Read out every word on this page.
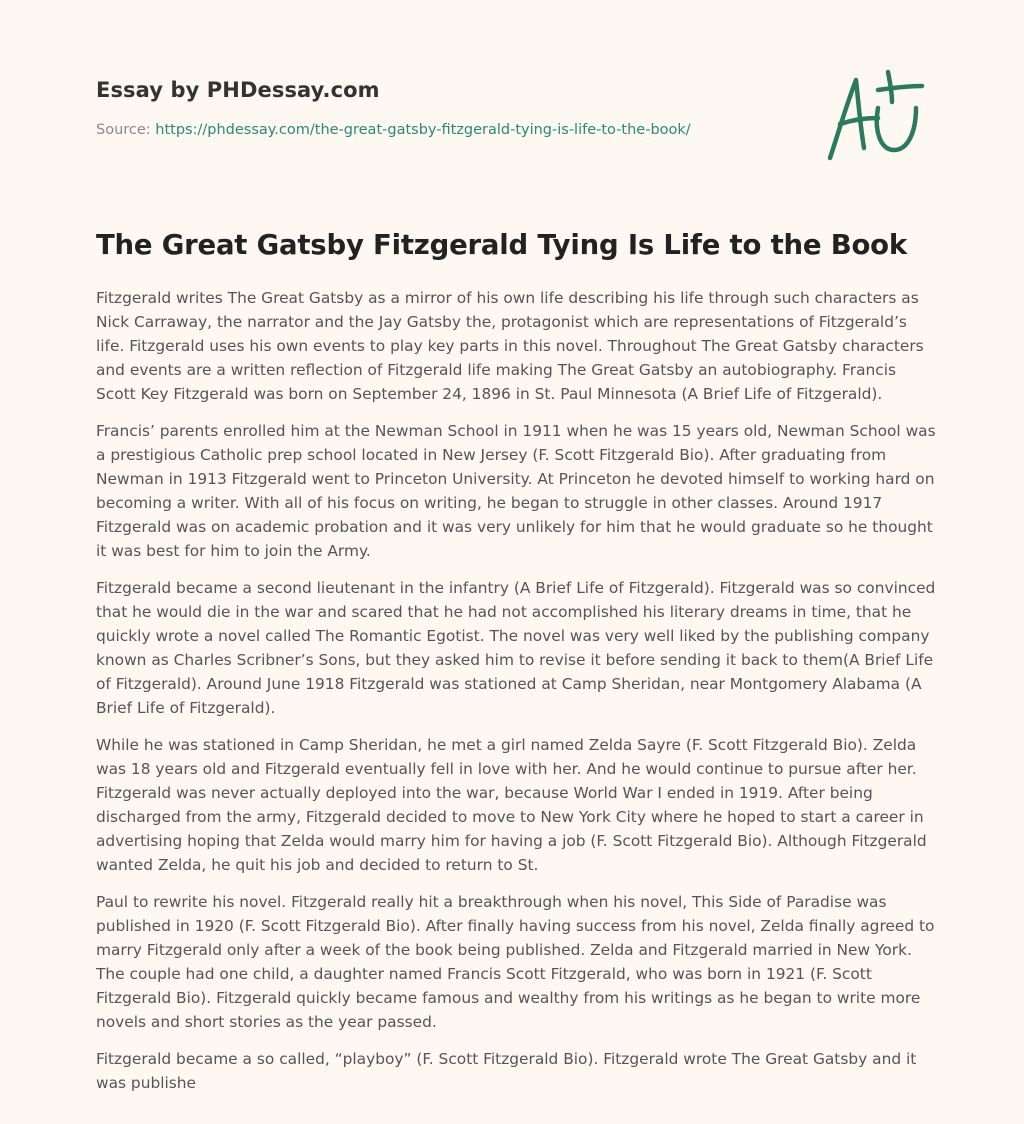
Essay by PHDessay.com
Source: https://phdessay.com/the-great-gatsby-fitzgerald-tying-is-life-to-the-book/
The Great Gatsby Fitzgerald Tying Is Life to the Book

Fitzgerald writes The Great Gatsby as a mirror of his own life describing his life through such characters as Nick Carraway, the narrator and the Jay Gatsby the, protagonist which are representations of Fitzgerald’s life. Fitzgerald uses his own events to play key parts in this novel. Throughout The Great Gatsby characters and events are a written reflection of Fitzgerald life making The Great Gatsby an autobiography. Francis Scott Key Fitzgerald was born on September 24, 1896 in St. Paul Minnesota (A Brief Life of Fitzgerald).

Francis’ parents enrolled him at the Newman School in 1911 when he was 15 years old, Newman School was a prestigious Catholic prep school located in New Jersey (F. Scott Fitzgerald Bio). After graduating from Newman in 1913 Fitzgerald went to Princeton University. At Princeton he devoted himself to working hard on becoming a writer. With all of his focus on writing, he began to struggle in other classes. Around 1917 Fitzgerald was on academic probation and it was very unlikely for him that he would graduate so he thought it was best for him to join the Army.

Fitzgerald became a second lieutenant in the infantry (A Brief Life of Fitzgerald). Fitzgerald was so convinced that he would die in the war and scared that he had not accomplished his literary dreams in time, that he quickly wrote a novel called The Romantic Egotist. The novel was very well liked by the publishing company known as Charles Scribner’s Sons, but they asked him to revise it before sending it back to them(A Brief Life of Fitzgerald). Around June 1918 Fitzgerald was stationed at Camp Sheridan, near Montgomery Alabama (A Brief Life of Fitzgerald).

While he was stationed in Camp Sheridan, he met a girl named Zelda Sayre (F. Scott Fitzgerald Bio). Zelda was 18 years old and Fitzgerald eventually fell in love with her. And he would continue to pursue after her. Fitzgerald was never actually deployed into the war, because World War I ended in 1919. After being discharged from the army, Fitzgerald decided to move to New York City where he hoped to start a career in advertising hoping that Zelda would marry him for having a job (F. Scott Fitzgerald Bio). Although Fitzgerald wanted Zelda, he quit his job and decided to return to St.

Paul to rewrite his novel. Fitzgerald really hit a breakthrough when his novel, This Side of Paradise was published in 1920 (F. Scott Fitzgerald Bio). After finally having success from his novel, Zelda finally agreed to marry Fitzgerald only after a week of the book being published. Zelda and Fitzgerald married in New York. The couple had one child, a daughter named Francis Scott Fitzgerald, who was born in 1921 (F. Scott Fitzgerald Bio). Fitzgerald quickly became famous and wealthy from his writings as he began to write more novels and short stories as the year passed.

Fitzgerald became a so called, “playboy” (F. Scott Fitzgerald Bio). Fitzgerald wrote The Great Gatsby and it was publishe
